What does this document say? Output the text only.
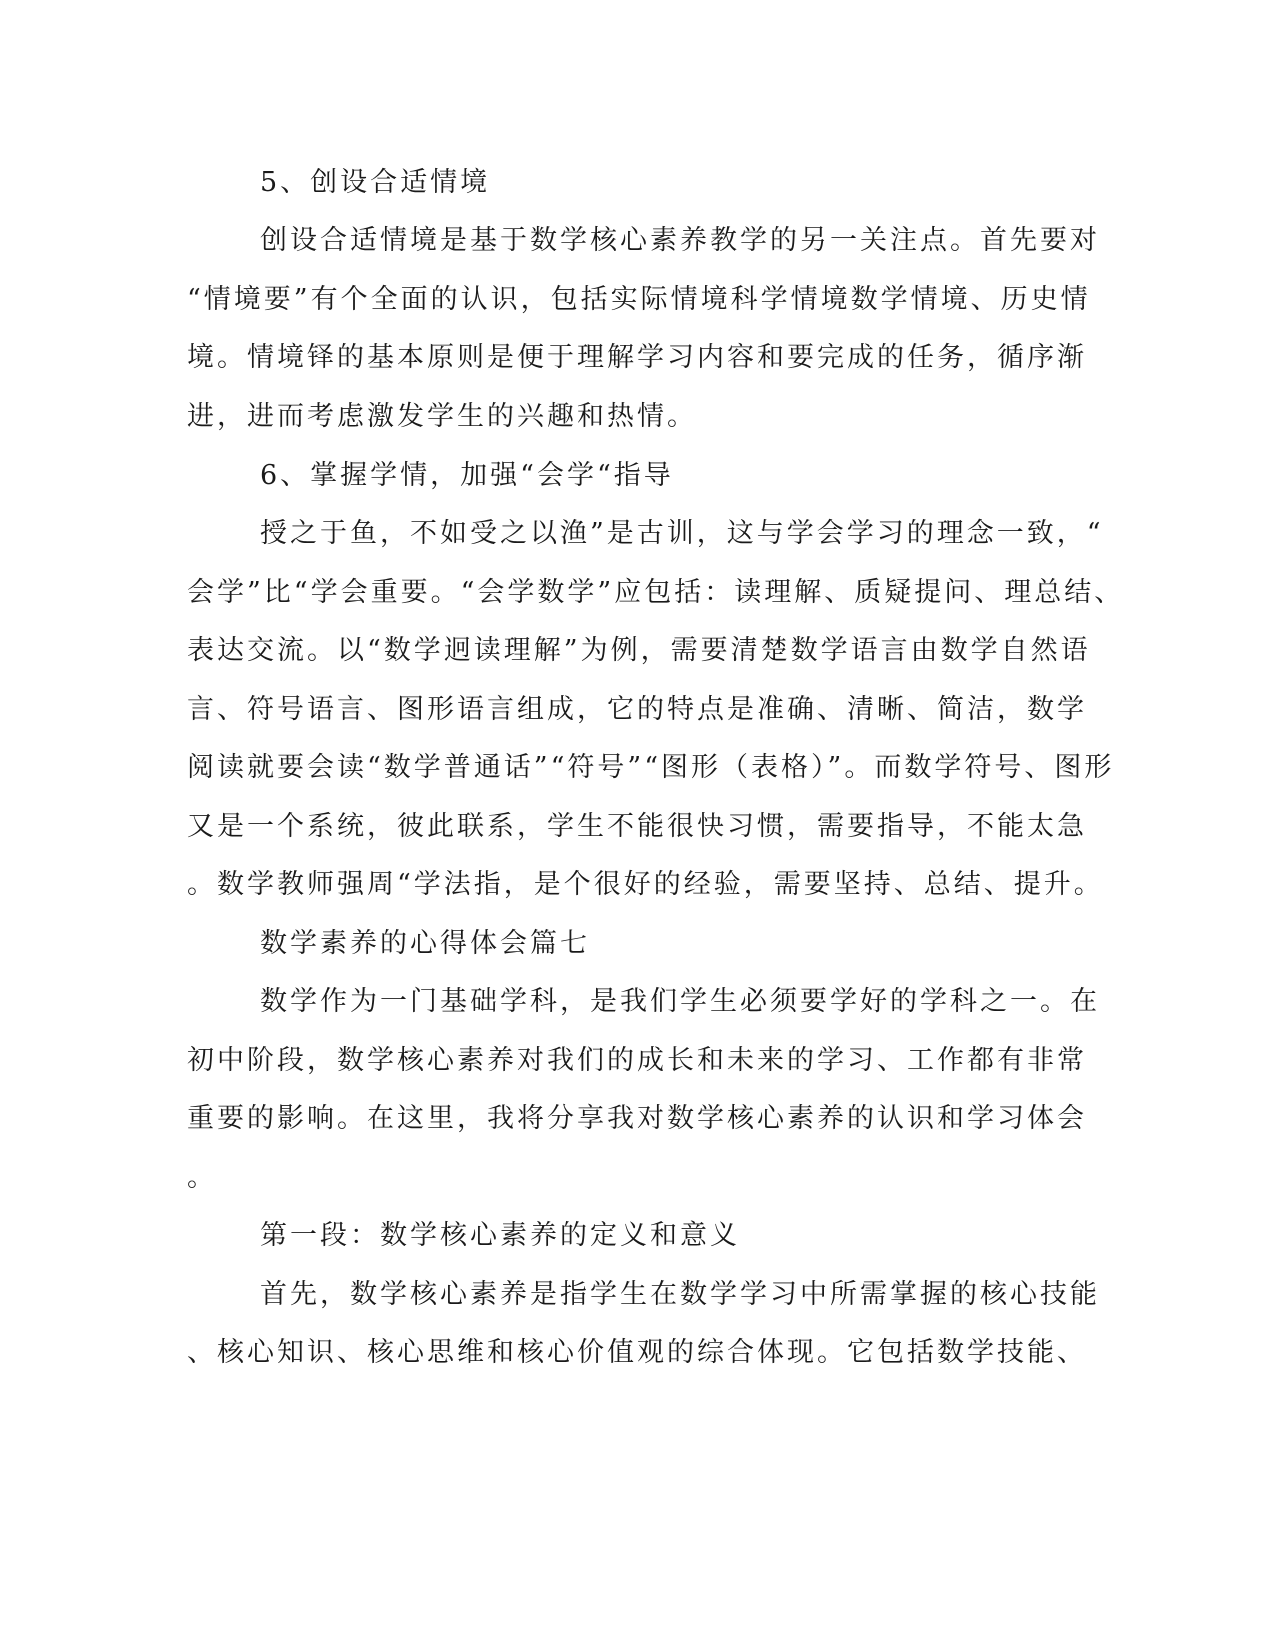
5、创设合适情境
创设合适情境是基于数学核心素养教学的另一关注点。首先要对
“情境要”有个全面的认识，包括实际情境科学情境数学情境、历史情
境。情境铎的基本原则是便于理解学习内容和要完成的任务，循序渐
进，进而考虑激发学生的兴趣和热情。
6、掌握学情，加强“会学“指导
授之于鱼，不如受之以渔”是古训，这与学会学习的理念一致，“
会学”比“学会重要。“会学数学”应包括：读理解、质疑提问、理总结、
表达交流。以“数学迥读理解”为例，需要清楚数学语言由数学自然语
言、符号语言、图形语言组成，它的特点是准确、清晰、简洁，数学
阅读就要会读“数学普通话”“符号”“图形（表格）”。而数学符号、图形
又是一个系统，彼此联系，学生不能很快习惯，需要指导，不能太急
。数学教师强周“学法指，是个很好的经验，需要坚持、总结、提升。
数学素养的心得体会篇七
数学作为一门基础学科，是我们学生必须要学好的学科之一。在
初中阶段，数学核心素养对我们的成长和未来的学习、工作都有非常
重要的影响。在这里，我将分享我对数学核心素养的认识和学习体会
。
第一段：数学核心素养的定义和意义
首先，数学核心素养是指学生在数学学习中所需掌握的核心技能
、核心知识、核心思维和核心价值观的综合体现。它包括数学技能、
